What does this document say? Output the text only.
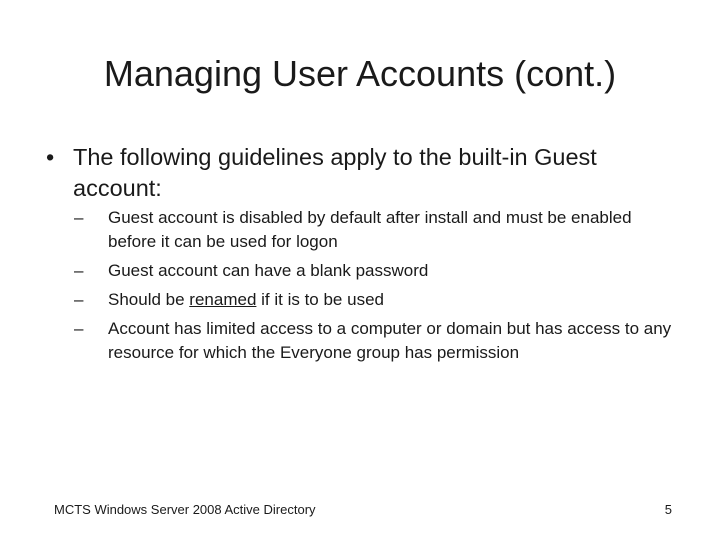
Managing User Accounts (cont.)
• The following guidelines apply to the built-in Guest account:
– Guest account is disabled by default after install and must be enabled before it can be used for logon
– Guest account can have a blank password
– Should be renamed if it is to be used
– Account has limited access to a computer or domain but has access to any resource for which the Everyone group has permission
MCTS Windows Server 2008 Active Directory	5
